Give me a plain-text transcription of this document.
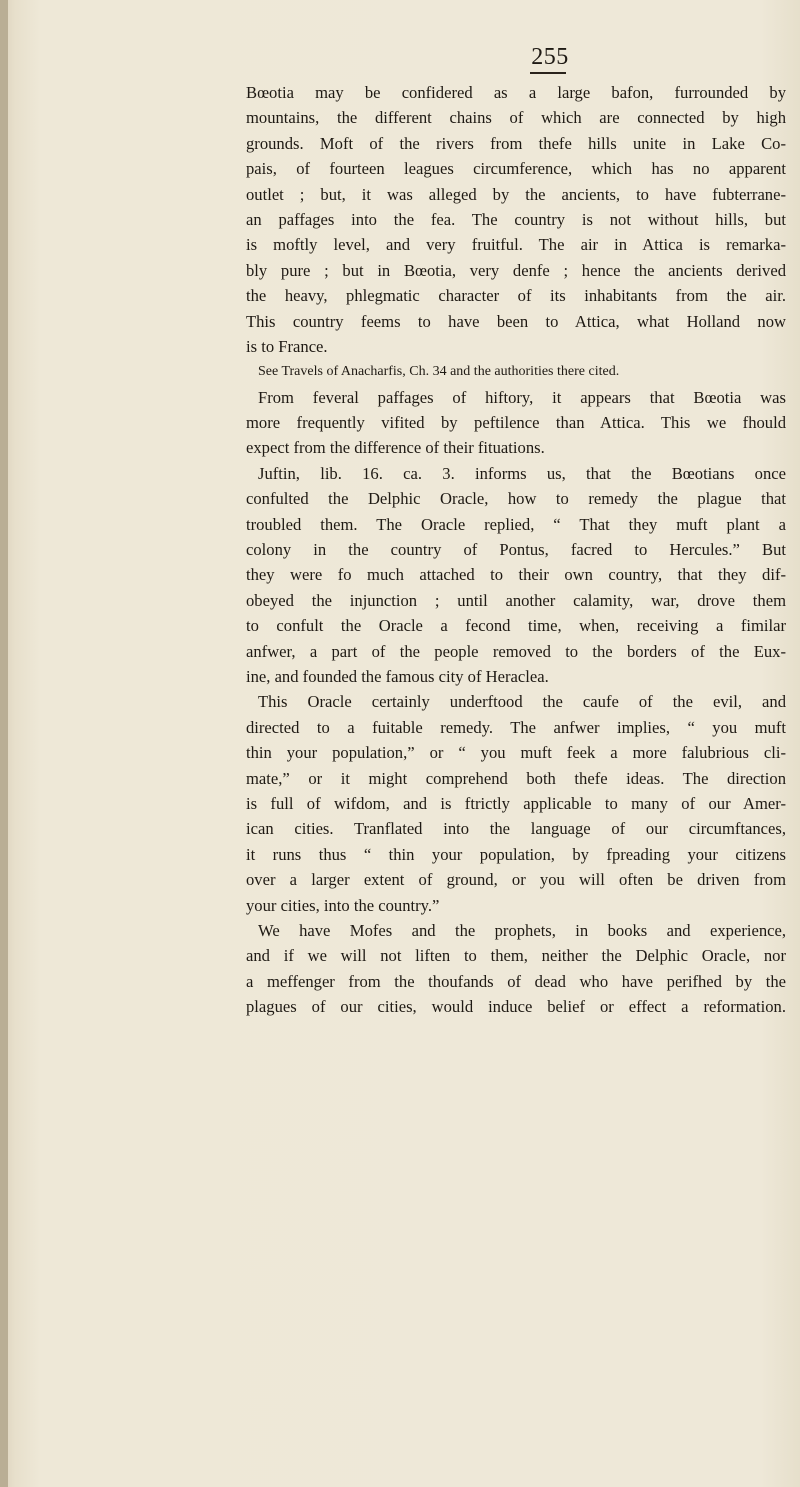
255
Bœotia may be confidered as a large bafon, furrounded by
mountains, the different chains of which are connected by high
grounds. Moft of the rivers from thefe hills unite in Lake Co-
pais, of fourteen leagues circumference, which has no apparent
outlet ; but, it was alleged by the ancients, to have fubterrane-
an paffages into the fea. The country is not without hills, but
is moftly level, and very fruitful. The air in Attica is remarka-
bly pure ; but in Bœotia, very denfe ; hence the ancients derived
the heavy, phlegmatic character of its inhabitants from the air.
This country feems to have been to Attica, what Holland now
is to France.
See Travels of Anacharfis, Ch. 34 and the authorities there cited.
From feveral paffages of hiftory, it appears that Bœotia was
more frequently vifited by peftilence than Attica. This we fhould
expect from the difference of their fituations.
Juftin, lib. 16. ca. 3. informs us, that the Bœotians once
confulted the Delphic Oracle, how to remedy the plague that
troubled them. The Oracle replied, “ That they muft plant a
colony in the country of Pontus, facred to Hercules.” But
they were fo much attached to their own country, that they dif-
obeyed the injunction ; until another calamity, war, drove them
to confult the Oracle a fecond time, when, receiving a fimilar
anfwer, a part of the people removed to the borders of the Eux-
ine, and founded the famous city of Heraclea.
This Oracle certainly underftood the caufe of the evil, and
directed to a fuitable remedy. The anfwer implies, “ you muft
thin your population,” or “ you muft feek a more falubrious cli-
mate,” or it might comprehend both thefe ideas. The direction
is full of wifdom, and is ftrictly applicable to many of our Amer-
ican cities. Tranflated into the language of our circumftances,
it runs thus “ thin your population, by fpreading your citizens
over a larger extent of ground, or you will often be driven from
your cities, into the country.”
We have Mofes and the prophets, in books and experience,
and if we will not liften to them, neither the Delphic Oracle, nor
a meffenger from the thoufands of dead who have perifhed by the
plagues of our cities, would induce belief or effect a reformation.
